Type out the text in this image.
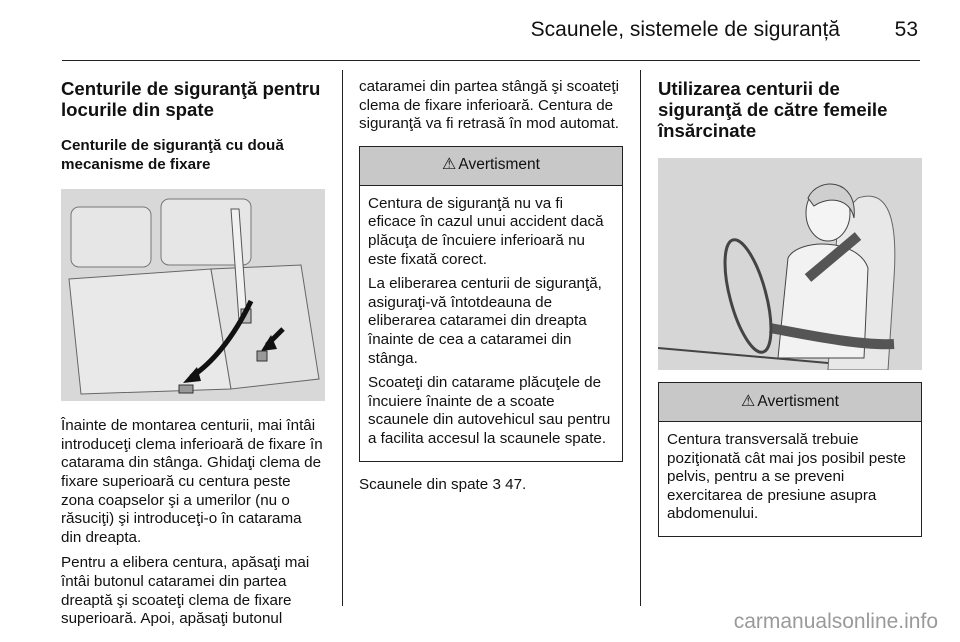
Scaunele, sistemele de siguranță	53
Centurile de siguranţă pentru locurile din spate
Centurile de siguranţă cu două mecanisme de fixare

Înainte de montarea centurii, mai întâi introduceţi clema inferioară de fixare în catarama din stânga. Ghidaţi clema de fixare superioară cu centura peste zona coapselor şi a umerilor (nu o răsuciţi) şi introduceţi-o în catarama din dreapta.

Pentru a elibera centura, apăsaţi mai întâi butonul cataramei din partea dreaptă şi scoateţi clema de fixare superioară. Apoi, apăsaţi butonul

cataramei din partea stângă şi scoateţi clema de fixare inferioară. Centura de siguranţă va fi retrasă în mod automat.

⚠ Avertisment

Centura de siguranţă nu va fi eficace în cazul unui accident dacă plăcuţa de încuiere inferioară nu este fixată corect.

La eliberarea centurii de siguranţă, asiguraţi-vă întotdeauna de eliberarea cataramei din dreapta înainte de cea a cataramei din stânga.

Scoateţi din catarame plăcuţele de încuiere înainte de a scoate scaunele din autovehicul sau pentru a facilita accesul la scaunele spate.

Scaunele din spate 3 47.

Utilizarea centurii de siguranţă de către femeile însărcinate
⚠ Avertisment

Centura transversală trebuie poziţionată cât mai jos posibil peste pelvis, pentru a se preveni exercitarea de presiune asupra abdomenului.

carmanualsonline.info
